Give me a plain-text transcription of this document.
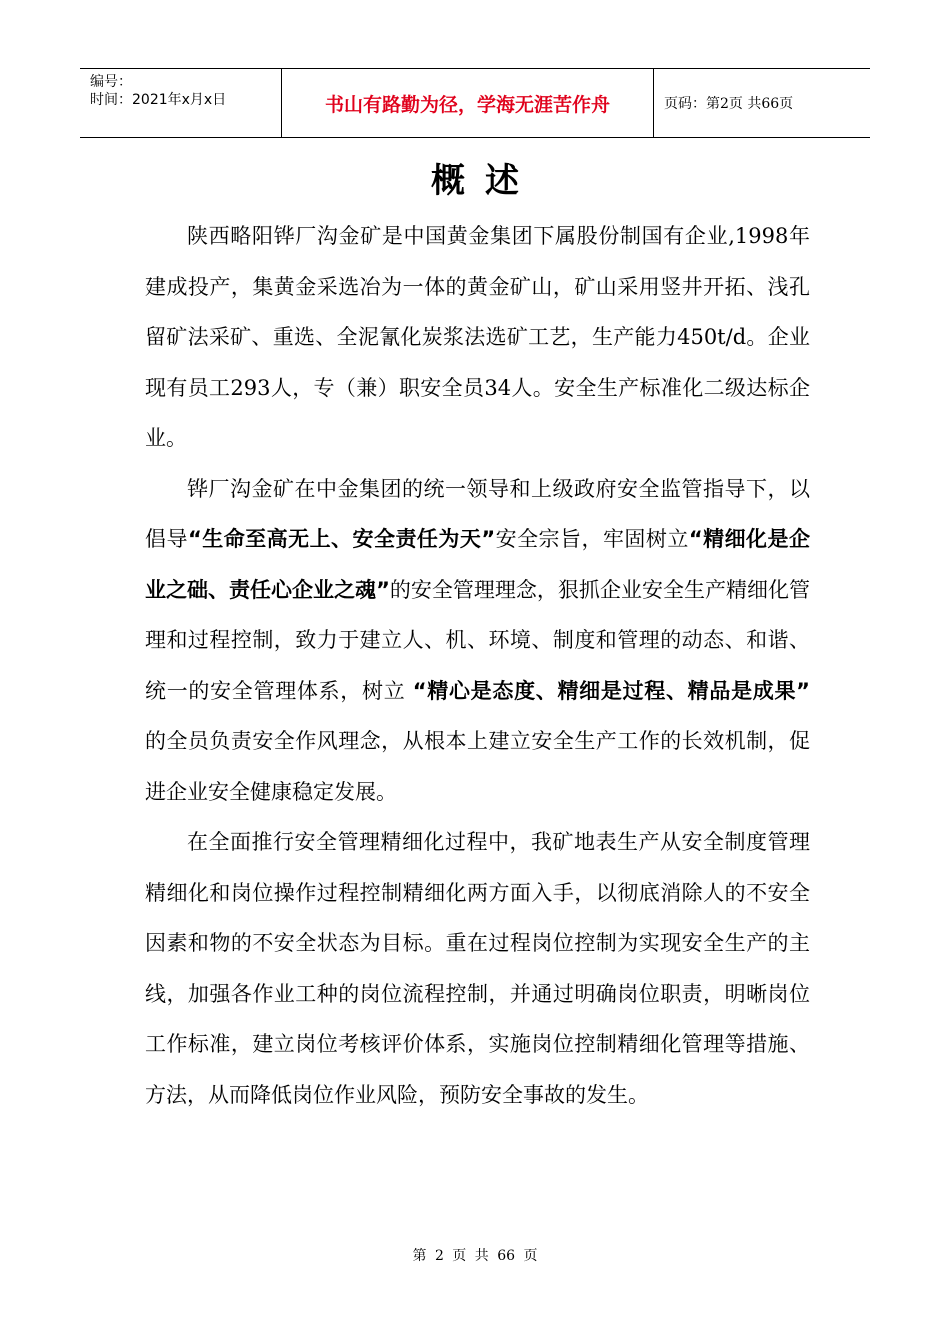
编号：
时间：2021年x月x日	书山有路勤为径，学海无涯苦作舟	页码：第2页 共66页
概述

陕西略阳铧厂沟金矿是中国黄金集团下属股份制国有企业,1998年建成投产，集黄金采选冶为一体的黄金矿山，矿山采用竖井开拓、浅孔留矿法采矿、重选、全泥氰化炭浆法选矿工艺，生产能力450t/d。企业现有员工293人，专（兼）职安全员34人。安全生产标准化二级达标企业。

铧厂沟金矿在中金集团的统一领导和上级政府安全监管指导下，以倡导“生命至高无上、安全责任为天”安全宗旨，牢固树立“精细化是企业之础、责任心企业之魂”的安全管理理念，狠抓企业安全生产精细化管理和过程控制，致力于建立人、机、环境、制度和管理的动态、和谐、统一的安全管理体系，树立 “精心是态度、精细是过程、精品是成果” 的全员负责安全作风理念，从根本上建立安全生产工作的长效机制，促进企业安全健康稳定发展。

在全面推行安全管理精细化过程中，我矿地表生产从安全制度管理精细化和岗位操作过程控制精细化两方面入手，以彻底消除人的不安全因素和物的不安全状态为目标。重在过程岗位控制为实现安全生产的主线，加强各作业工种的岗位流程控制，并通过明确岗位职责，明晰岗位工作标准，建立岗位考核评价体系，实施岗位控制精细化管理等措施、方法，从而降低岗位作业风险，预防安全事故的发生。

第 2 页 共 66 页
